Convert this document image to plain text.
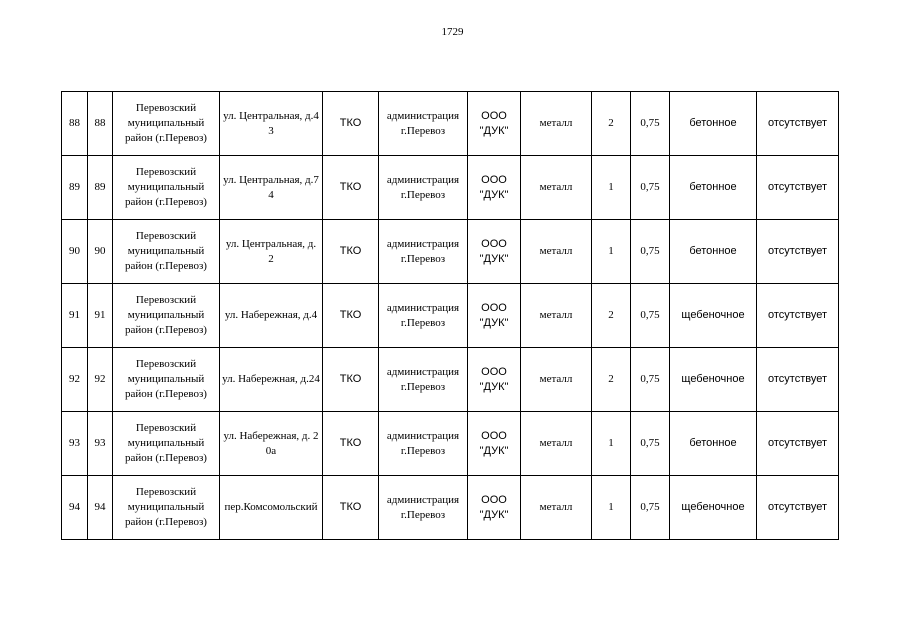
1729
88	88	Перевозский муниципальный район (г.Перевоз)	ул. Центральная, д.43	ТКО	администрация г.Перевоз	ООО "ДУК"	металл	2	0,75	бетонное	отсутствует
89	89	Перевозский муниципальный район (г.Перевоз)	ул. Центральная, д.74	ТКО	администрация г.Перевоз	ООО "ДУК"	металл	1	0,75	бетонное	отсутствует
90	90	Перевозский муниципальный район (г.Перевоз)	ул. Центральная, д. 2	ТКО	администрация г.Перевоз	ООО "ДУК"	металл	1	0,75	бетонное	отсутствует
91	91	Перевозский муниципальный район (г.Перевоз)	ул. Набережная, д.4	ТКО	администрация г.Перевоз	ООО "ДУК"	металл	2	0,75	щебеночное	отсутствует
92	92	Перевозский муниципальный район (г.Перевоз)	ул. Набережная, д.24	ТКО	администрация г.Перевоз	ООО "ДУК"	металл	2	0,75	щебеночное	отсутствует
93	93	Перевозский муниципальный район (г.Перевоз)	ул. Набережная, д. 20а	ТКО	администрация г.Перевоз	ООО "ДУК"	металл	1	0,75	бетонное	отсутствует
94	94	Перевозский муниципальный район (г.Перевоз)	пер.Комсомольский	ТКО	администрация г.Перевоз	ООО "ДУК"	металл	1	0,75	щебеночное	отсутствует
